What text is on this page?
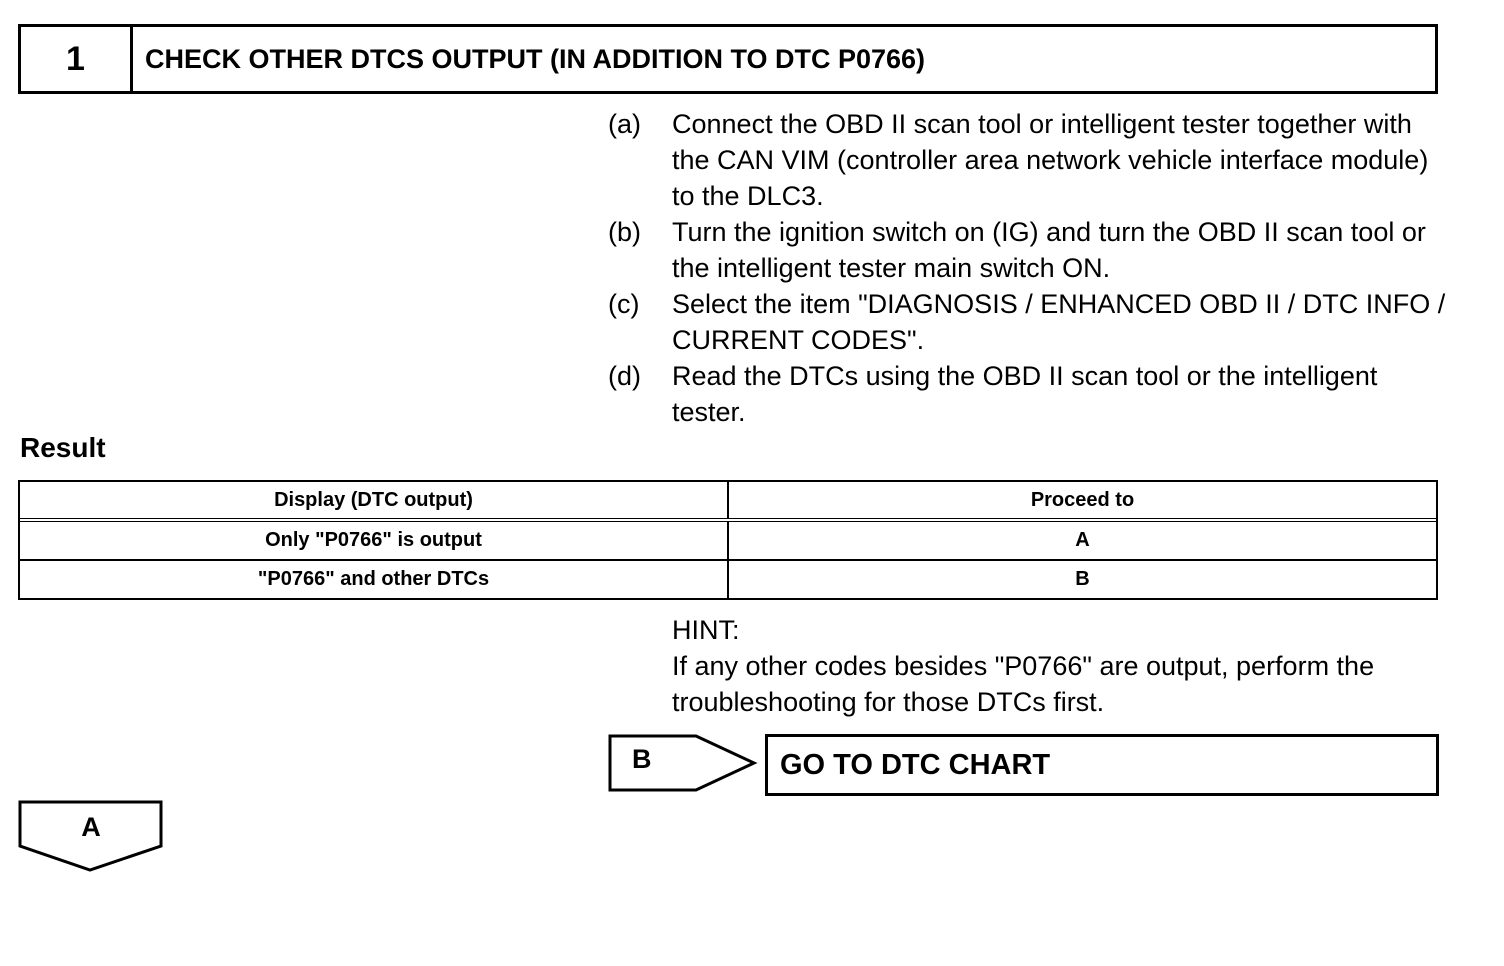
1	CHECK OTHER DTCS OUTPUT (IN ADDITION TO DTC P0766)
(a)	Connect the OBD II scan tool or intelligent tester together with the CAN VIM (controller area network vehicle interface module) to the DLC3.
(b)	Turn the ignition switch on (IG) and turn the OBD II scan tool or the intelligent tester main switch ON.
(c)	Select the item "DIAGNOSIS / ENHANCED OBD II / DTC INFO / CURRENT CODES".
(d)	Read the DTCs using the OBD II scan tool or the intelligent tester.
Result
Display (DTC output)	Proceed to
Only "P0766" is output	A
"P0766" and other DTCs	B
HINT:
If any other codes besides "P0766" are output, perform the troubleshooting for those DTCs first.
B	GO TO DTC CHART
A
